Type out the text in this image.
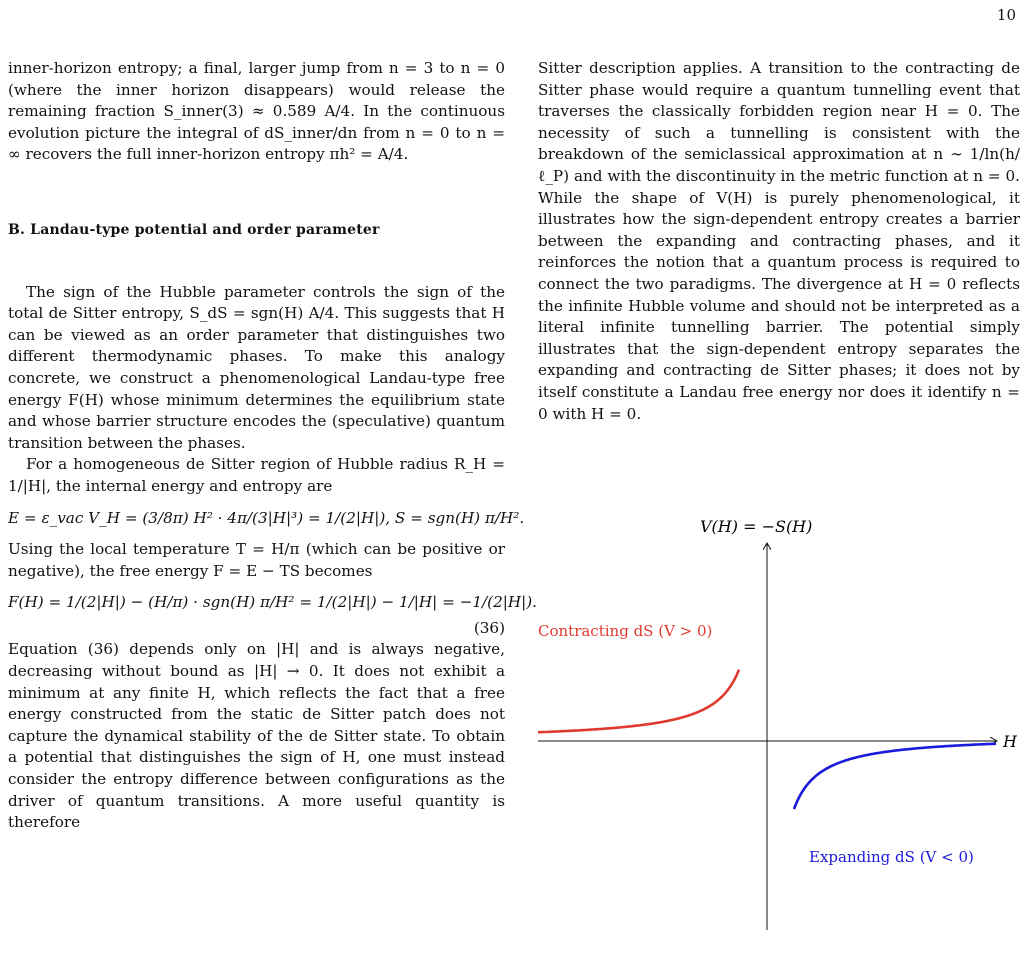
10

inner-horizon entropy; a final, larger jump from n = 3 to n = 0 (where the inner horizon disappears) would release the remaining fraction S_inner(3) ≈ 0.589 A/4. In the continuous evolution picture the integral of dS_inner/dn from n = 0 to n = ∞ recovers the full inner-horizon entropy πh² = A/4.

B. Landau-type potential and order parameter

The sign of the Hubble parameter controls the sign of the total de Sitter entropy, S_dS = sgn(H) A/4. This suggests that H can be viewed as an order parameter that distinguishes two different thermodynamic phases. To make this analogy concrete, we construct a phenomenological Landau-type free energy F(H) whose minimum determines the equilibrium state and whose barrier structure encodes the (speculative) quantum transition between the phases.

For a homogeneous de Sitter region of Hubble radius R_H = 1/|H|, the internal energy and entropy are

E = ε_vac V_H = (3/8π) H² · 4π/(3|H|³) = 1/(2|H|), S = sgn(H) π/H².

Using the local temperature T = H/π (which can be positive or negative), the free energy F = E − TS becomes

F(H) = 1/(2|H|) − (H/π) · sgn(H) π/H² = 1/(2|H|) − 1/|H| = −1/(2|H|).
(36)

Equation (36) depends only on |H| and is always negative, decreasing without bound as |H| → 0. It does not exhibit a minimum at any finite H, which reflects the fact that a free energy constructed from the static de Sitter patch does not capture the dynamical stability of the de Sitter state. To obtain a potential that distinguishes the sign of H, one must instead consider the entropy difference between configurations as the driver of quantum transitions. A more useful quantity is therefore

Sitter description applies. A transition to the contracting de Sitter phase would require a quantum tunnelling event that traverses the classically forbidden region near H = 0. The necessity of such a tunnelling is consistent with the breakdown of the semiclassical approximation at n ∼ 1/ln(h/ℓ_P) and with the discontinuity in the metric function at n = 0. While the shape of V(H) is purely phenomenological, it illustrates how the sign-dependent entropy creates a barrier between the expanding and contracting phases, and it reinforces the notion that a quantum process is required to connect the two paradigms. The divergence at H = 0 reflects the infinite Hubble volume and should not be interpreted as a literal infinite tunnelling barrier. The potential simply illustrates that the sign-dependent entropy separates the expanding and contracting de Sitter phases; it does not by itself constitute a Landau free energy nor does it identify n = 0 with H = 0.

V(H) = −S(H)
H
Contracting dS (V > 0)
Expanding dS (V < 0)
